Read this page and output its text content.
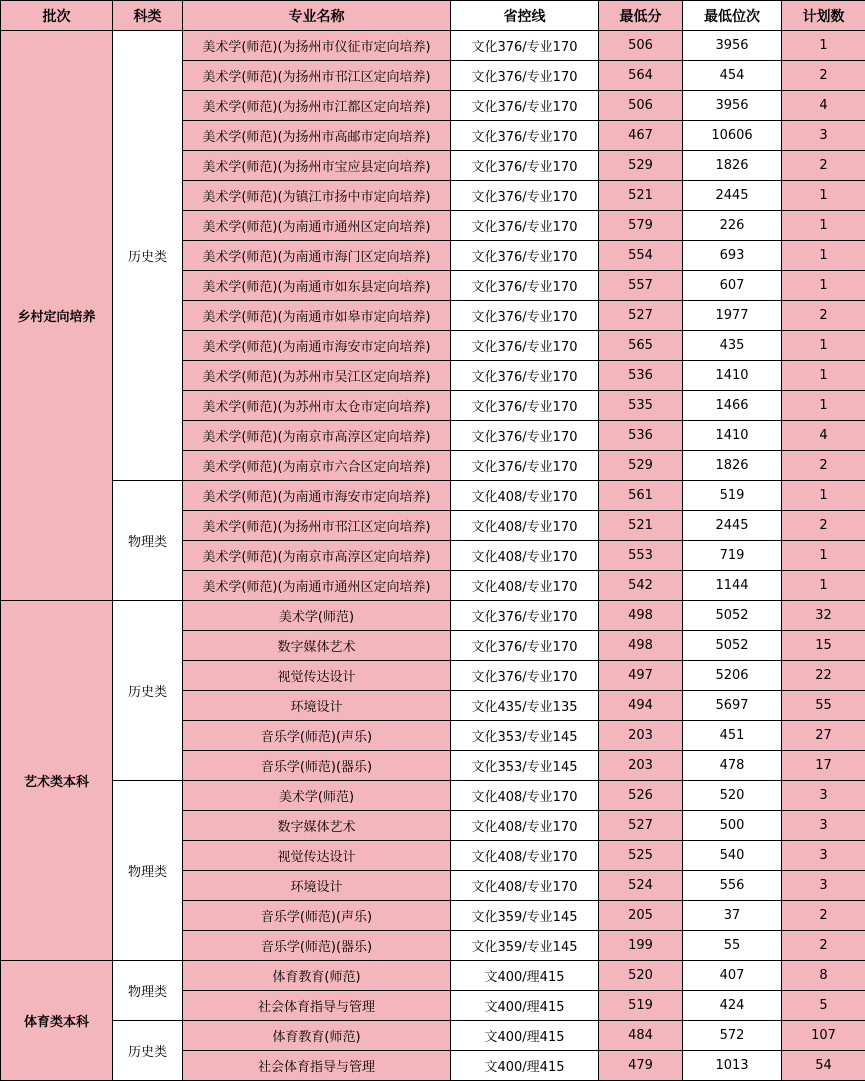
批次	科类	专业名称	省控线	最低分	最低位次	计划数
乡村定向培养	历史类	美术学(师范)(为扬州市仪征市定向培养)	文化376/专业170	506	3956	1
		美术学(师范)(为扬州市邗江区定向培养)	文化376/专业170	564	454	2
		美术学(师范)(为扬州市江都区定向培养)	文化376/专业170	506	3956	4
		美术学(师范)(为扬州市高邮市定向培养)	文化376/专业170	467	10606	3
		美术学(师范)(为扬州市宝应县定向培养)	文化376/专业170	529	1826	2
		美术学(师范)(为镇江市扬中市定向培养)	文化376/专业170	521	2445	1
		美术学(师范)(为南通市通州区定向培养)	文化376/专业170	579	226	1
		美术学(师范)(为南通市海门区定向培养)	文化376/专业170	554	693	1
		美术学(师范)(为南通市如东县定向培养)	文化376/专业170	557	607	1
		美术学(师范)(为南通市如皋市定向培养)	文化376/专业170	527	1977	2
		美术学(师范)(为南通市海安市定向培养)	文化376/专业170	565	435	1
		美术学(师范)(为苏州市吴江区定向培养)	文化376/专业170	536	1410	1
		美术学(师范)(为苏州市太仓市定向培养)	文化376/专业170	535	1466	1
		美术学(师范)(为南京市高淳区定向培养)	文化376/专业170	536	1410	4
		美术学(师范)(为南京市六合区定向培养)	文化376/专业170	529	1826	2
	物理类	美术学(师范)(为南通市海安市定向培养)	文化408/专业170	561	519	1
		美术学(师范)(为扬州市邗江区定向培养)	文化408/专业170	521	2445	2
		美术学(师范)(为南京市高淳区定向培养)	文化408/专业170	553	719	1
		美术学(师范)(为南通市通州区定向培养)	文化408/专业170	542	1144	1
艺术类本科	历史类	美术学(师范)	文化376/专业170	498	5052	32
		数字媒体艺术	文化376/专业170	498	5052	15
		视觉传达设计	文化376/专业170	497	5206	22
		环境设计	文化435/专业135	494	5697	55
		音乐学(师范)(声乐)	文化353/专业145	203	451	27
		音乐学(师范)(器乐)	文化353/专业145	203	478	17
	物理类	美术学(师范)	文化408/专业170	526	520	3
		数字媒体艺术	文化408/专业170	527	500	3
		视觉传达设计	文化408/专业170	525	540	3
		环境设计	文化408/专业170	524	556	3
		音乐学(师范)(声乐)	文化359/专业145	205	37	2
		音乐学(师范)(器乐)	文化359/专业145	199	55	2
体育类本科	物理类	体育教育(师范)	文400/理415	520	407	8
		社会体育指导与管理	文400/理415	519	424	5
	历史类	体育教育(师范)	文400/理415	484	572	107
		社会体育指导与管理	文400/理415	479	1013	54
